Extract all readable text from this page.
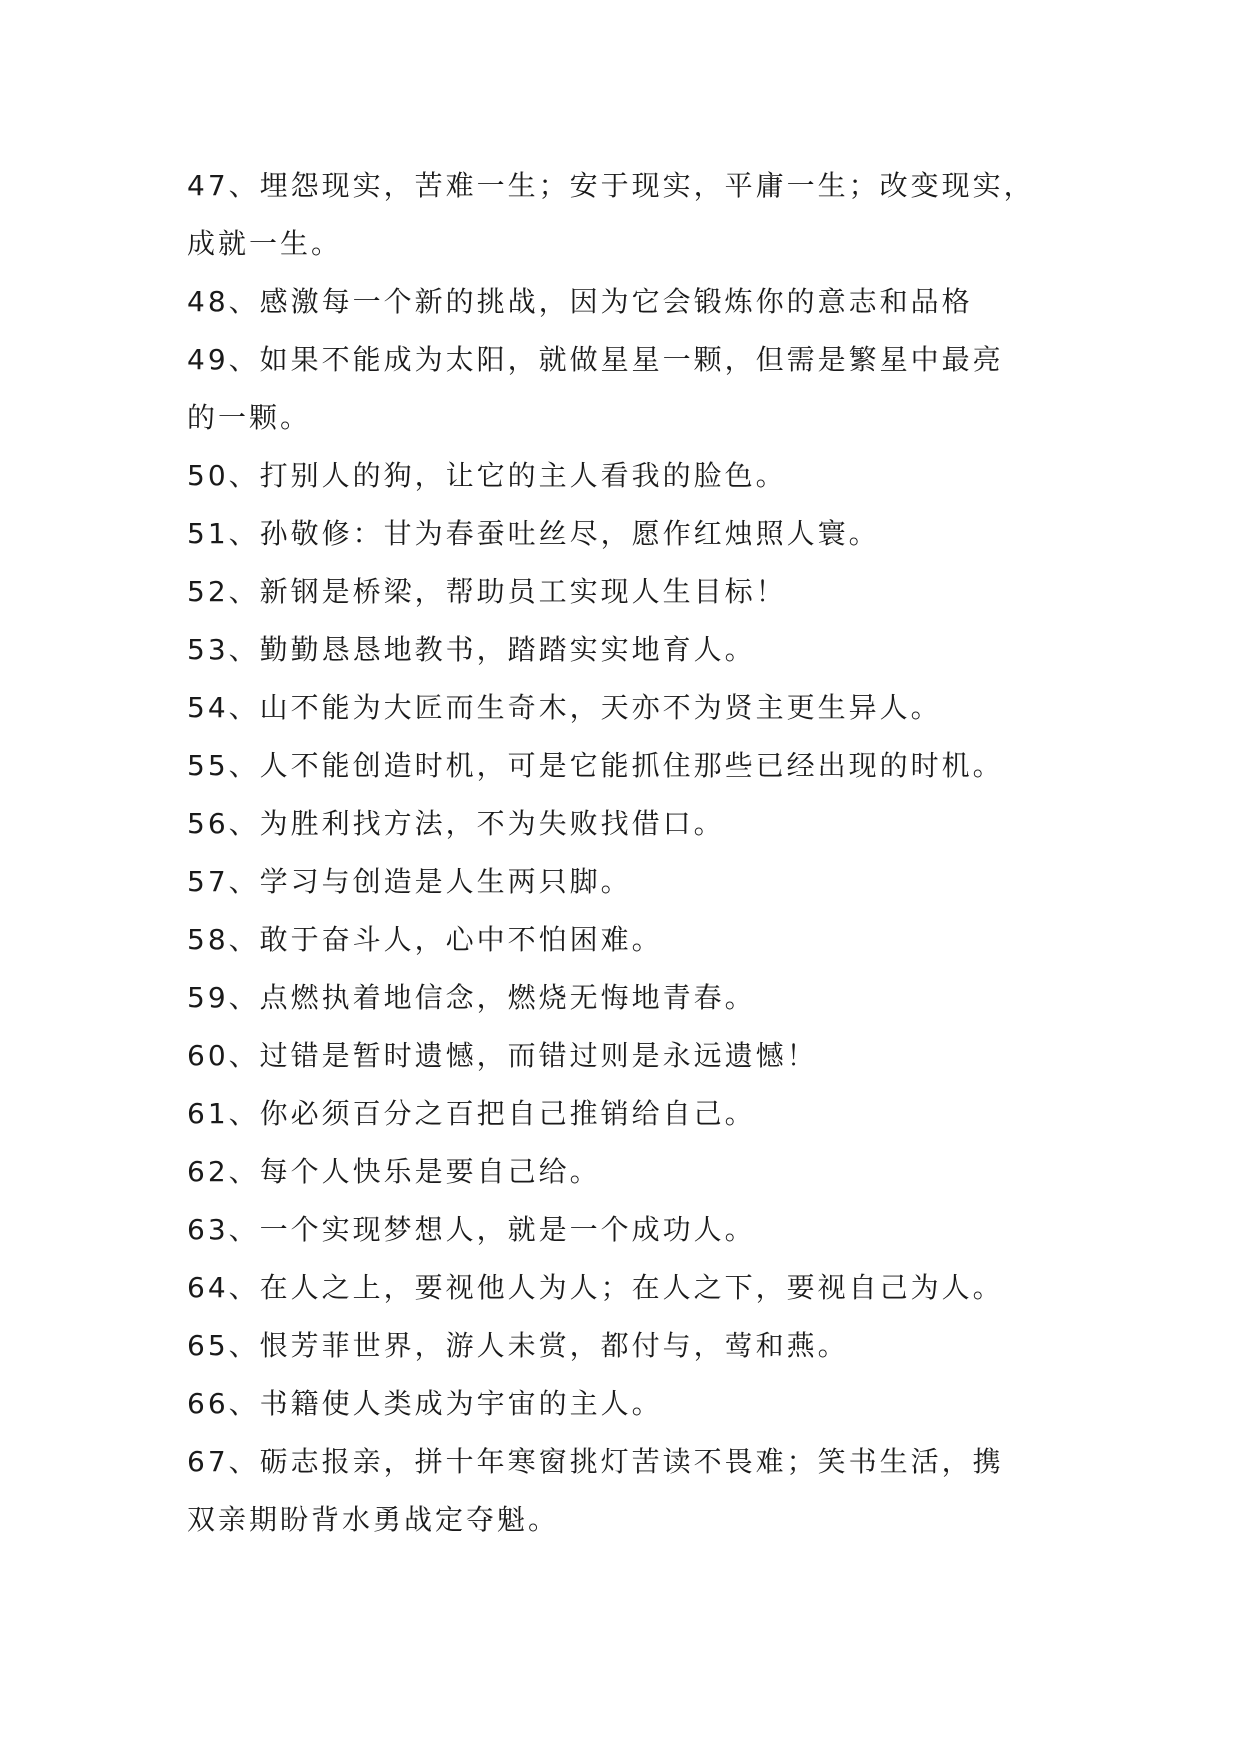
47、埋怨现实，苦难一生；安于现实，平庸一生；改变现实，

成就一生。

48、感激每一个新的挑战，因为它会锻炼你的意志和品格

49、如果不能成为太阳，就做星星一颗，但需是繁星中最亮

的一颗。

50、打别人的狗，让它的主人看我的脸色。

51、孙敬修：甘为春蚕吐丝尽，愿作红烛照人寰。

52、新钢是桥梁，帮助员工实现人生目标！

53、勤勤恳恳地教书，踏踏实实地育人。

54、山不能为大匠而生奇木，天亦不为贤主更生异人。

55、人不能创造时机，可是它能抓住那些已经出现的时机。

56、为胜利找方法，不为失败找借口。

57、学习与创造是人生两只脚。

58、敢于奋斗人，心中不怕困难。

59、点燃执着地信念，燃烧无悔地青春。

60、过错是暂时遗憾，而错过则是永远遗憾！

61、你必须百分之百把自己推销给自己。

62、每个人快乐是要自己给。

63、一个实现梦想人，就是一个成功人。

64、在人之上，要视他人为人；在人之下，要视自己为人。

65、恨芳菲世界，游人未赏，都付与，莺和燕。

66、书籍使人类成为宇宙的主人。

67、砺志报亲，拼十年寒窗挑灯苦读不畏难；笑书生活，携

双亲期盼背水勇战定夺魁。
